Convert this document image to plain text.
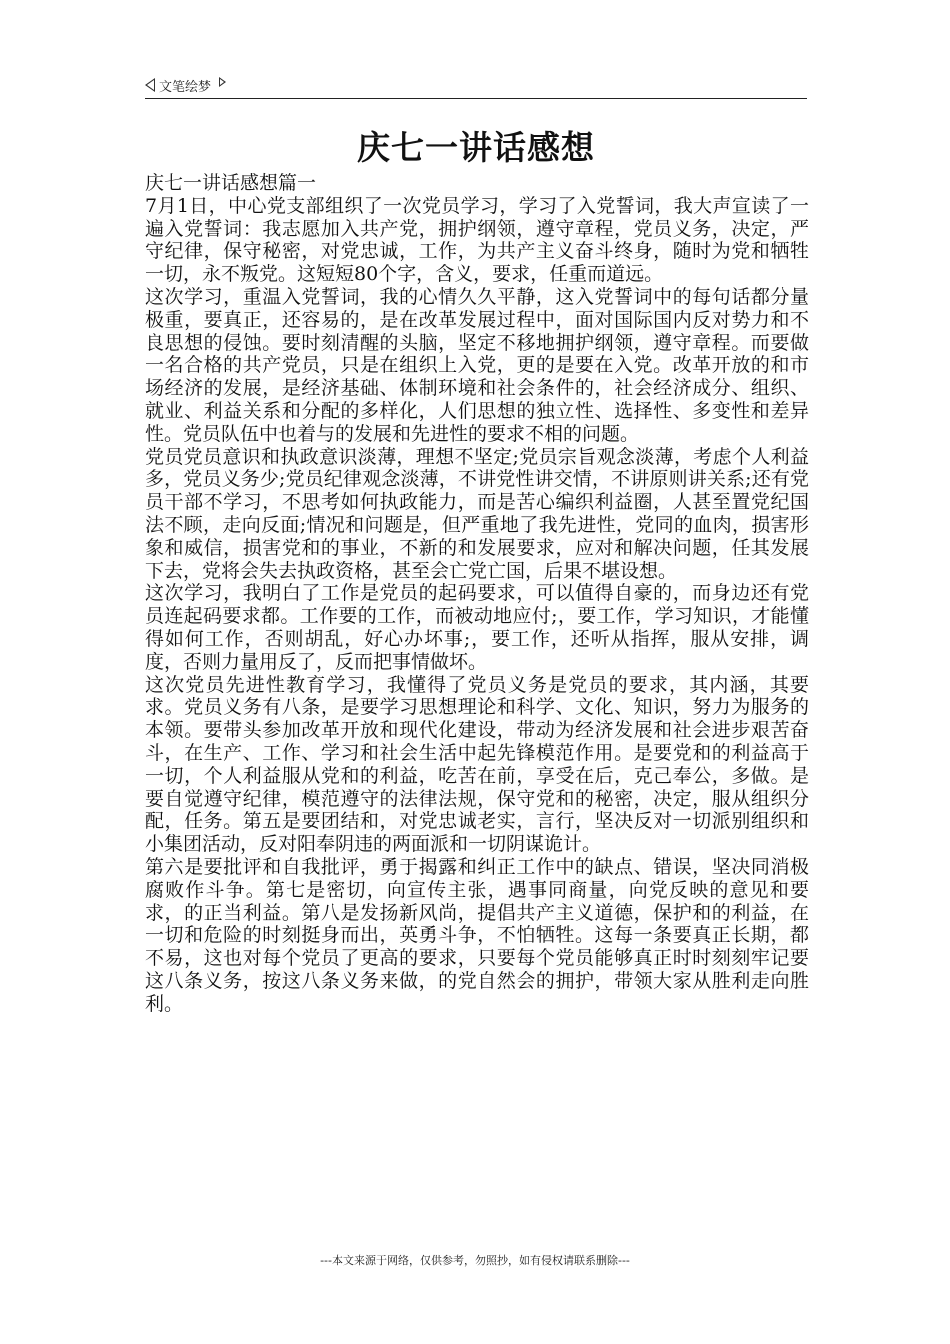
文笔绘梦
庆七一讲话感想

庆七一讲话感想篇一

7月1日，中心党支部组织了一次党员学习，学习了入党誓词，我大声宣读了一遍入党誓词：我志愿加入共产党，拥护纲领，遵守章程，党员义务，决定，严守纪律，保守秘密，对党忠诚，工作，为共产主义奋斗终身，随时为党和牺牲一切，永不叛党。这短短80个字，含义，要求，任重而道远。

这次学习，重温入党誓词，我的心情久久平静，这入党誓词中的每句话都分量极重，要真正，还容易的，是在改革发展过程中，面对国际国内反对势力和不良思想的侵蚀。要时刻清醒的头脑，坚定不移地拥护纲领，遵守章程。而要做一名合格的共产党员，只是在组织上入党，更的是要在入党。改革开放的和市场经济的发展，是经济基础、体制环境和社会条件的，社会经济成分、组织、就业、利益关系和分配的多样化，人们思想的独立性、选择性、多变性和差异性。党员队伍中也着与的发展和先进性的要求不相的问题。

党员党员意识和执政意识淡薄，理想不坚定;党员宗旨观念淡薄，考虑个人利益多，党员义务少;党员纪律观念淡薄，不讲党性讲交情，不讲原则讲关系;还有党员干部不学习，不思考如何执政能力，而是苦心编织利益圈，人甚至置党纪国法不顾，走向反面;情况和问题是，但严重地了我先进性，党同的血肉，损害形象和威信，损害党和的事业，不新的和发展要求，应对和解决问题，任其发展下去，党将会失去执政资格，甚至会亡党亡国，后果不堪设想。

这次学习，我明白了工作是党员的起码要求，可以值得自豪的，而身边还有党员连起码要求都。工作要的工作，而被动地应付;，要工作，学习知识，才能懂得如何工作，否则胡乱，好心办坏事;，要工作，还听从指挥，服从安排，调度，否则力量用反了，反而把事情做坏。

这次党员先进性教育学习，我懂得了党员义务是党员的要求，其内涵，其要求。党员义务有八条，是要学习思想理论和科学、文化、知识，努力为服务的本领。要带头参加改革开放和现代化建设，带动为经济发展和社会进步艰苦奋斗，在生产、工作、学习和社会生活中起先锋模范作用。是要党和的利益高于一切，个人利益服从党和的利益，吃苦在前，享受在后，克己奉公，多做。是要自觉遵守纪律，模范遵守的法律法规，保守党和的秘密，决定，服从组织分配，任务。第五是要团结和，对党忠诚老实，言行，坚决反对一切派别组织和小集团活动，反对阳奉阴违的两面派和一切阴谋诡计。

第六是要批评和自我批评，勇于揭露和纠正工作中的缺点、错误，坚决同消极腐败作斗争。第七是密切，向宣传主张，遇事同商量，向党反映的意见和要求，的正当利益。第八是发扬新风尚，提倡共产主义道德，保护和的利益，在一切和危险的时刻挺身而出，英勇斗争，不怕牺牲。这每一条要真正长期，都不易，这也对每个党员了更高的要求，只要每个党员能够真正时时刻刻牢记要这八条义务，按这八条义务来做，的党自然会的拥护，带领大家从胜利走向胜利。

---本文来源于网络，仅供参考，勿照抄，如有侵权请联系删除---
